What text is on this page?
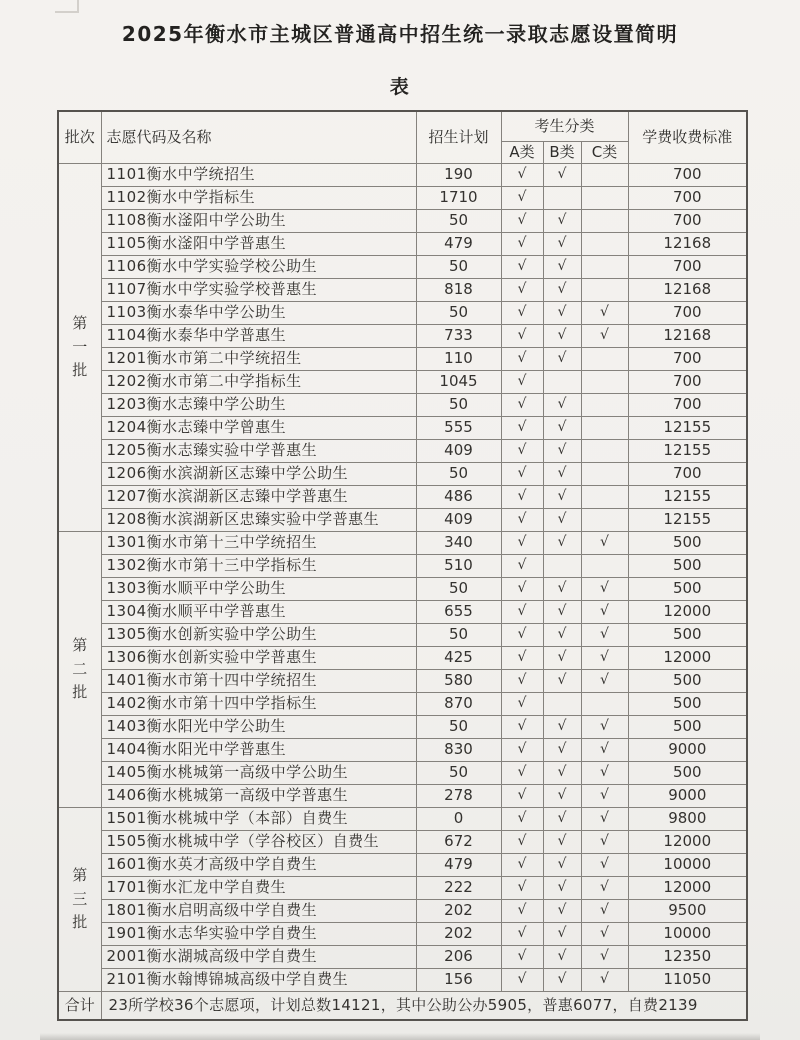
2025年衡水市主城区普通高中招生统一录取志愿设置简明
表
批次	志愿代码及名称	招生计划	考生分类			学费收费标准
			A类	B类	C类	

第
一
批	1101衡水中学统招生	190	√	√		700
	1102衡水中学指标生	1710	√			700
	1108衡水滏阳中学公助生	50	√	√		700
	1105衡水滏阳中学普惠生	479	√	√		12168
	1106衡水中学实验学校公助生	50	√	√		700
	1107衡水中学实验学校普惠生	818	√	√		12168
	1103衡水泰华中学公助生	50	√	√	√	700
	1104衡水泰华中学普惠生	733	√	√	√	12168
	1201衡水市第二中学统招生	110	√	√		700
	1202衡水市第二中学指标生	1045	√			700
	1203衡水志臻中学公助生	50	√	√		700
	1204衡水志臻中学曾惠生	555	√	√		12155
	1205衡水志臻实验中学普惠生	409	√	√		12155
	1206衡水滨湖新区志臻中学公助生	50	√	√		700
	1207衡水滨湖新区志臻中学普惠生	486	√	√		12155
	1208衡水滨湖新区忠臻实验中学普惠生	409	√	√		12155

第
二
批	1301衡水市第十三中学统招生	340	√	√	√	500
	1302衡水市第十三中学指标生	510	√			500
	1303衡水顺平中学公助生	50	√	√	√	500
	1304衡水顺平中学普惠生	655	√	√	√	12000
	1305衡水创新实验中学公助生	50	√	√	√	500
	1306衡水创新实验中学普惠生	425	√	√	√	12000
	1401衡水市第十四中学统招生	580	√	√	√	500
	1402衡水市第十四中学指标生	870	√			500
	1403衡水阳光中学公助生	50	√	√	√	500
	1404衡水阳光中学普惠生	830	√	√	√	9000
	1405衡水桃城第一高级中学公助生	50	√	√	√	500
	1406衡水桃城第一高级中学普惠生	278	√	√	√	9000

第
三
批	1501衡水桃城中学（本部）自费生	0	√	√	√	9800
	1505衡水桃城中学（学谷校区）自费生	672	√	√	√	12000
	1601衡水英才高级中学自费生	479	√	√	√	10000
	1701衡水汇龙中学自费生	222	√	√	√	12000
	1801衡水启明高级中学自费生	202	√	√	√	9500
	1901衡水志华实验中学自费生	202	√	√	√	10000
	2001衡水湖城高级中学自费生	206	√	√	√	12350
	2101衡水翰博锦城高级中学自费生	156	√	√	√	11050
合计	23所学校36个志愿项，计划总数14121，其中公助公办5905，普惠6077，自费2139					
